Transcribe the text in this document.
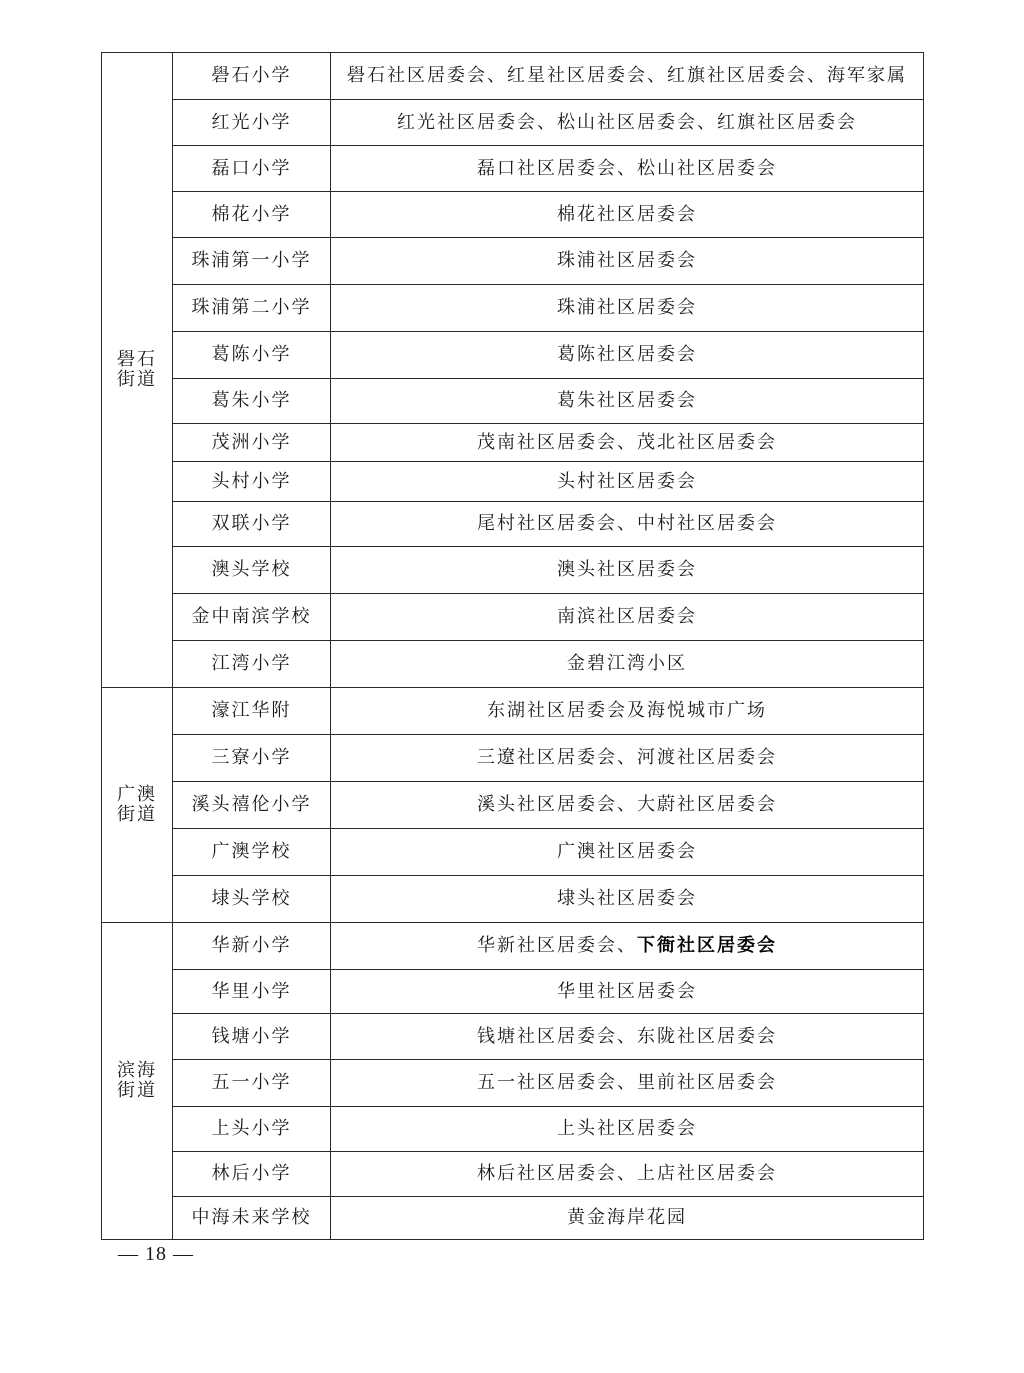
礐石
街道	礐石小学	礐石社区居委会、红星社区居委会、红旗社区居委会、海军家属
	红光小学	红光社区居委会、松山社区居委会、红旗社区居委会
	磊口小学	磊口社区居委会、松山社区居委会
	棉花小学	棉花社区居委会
	珠浦第一小学	珠浦社区居委会
	珠浦第二小学	珠浦社区居委会
	葛陈小学	葛陈社区居委会
	葛朱小学	葛朱社区居委会
	茂洲小学	茂南社区居委会、茂北社区居委会
	头村小学	头村社区居委会
	双联小学	尾村社区居委会、中村社区居委会
	澳头学校	澳头社区居委会
	金中南滨学校	南滨社区居委会
	江湾小学	金碧江湾小区

广澳
街道	濠江华附	东湖社区居委会及海悦城市广场
	三寮小学	三遼社区居委会、河渡社区居委会
	溪头禧伦小学	溪头社区居委会、大蔚社区居委会
	广澳学校	广澳社区居委会
	埭头学校	埭头社区居委会

滨海
街道	华新小学	华新社区居委会、下衙社区居委会
	华里小学	华里社区居委会
	钱塘小学	钱塘社区居委会、东陇社区居委会
	五一小学	五一社区居委会、里前社区居委会
	上头小学	上头社区居委会
	林后小学	林后社区居委会、上店社区居委会
	中海未来学校	黄金海岸花园
— 18 —
